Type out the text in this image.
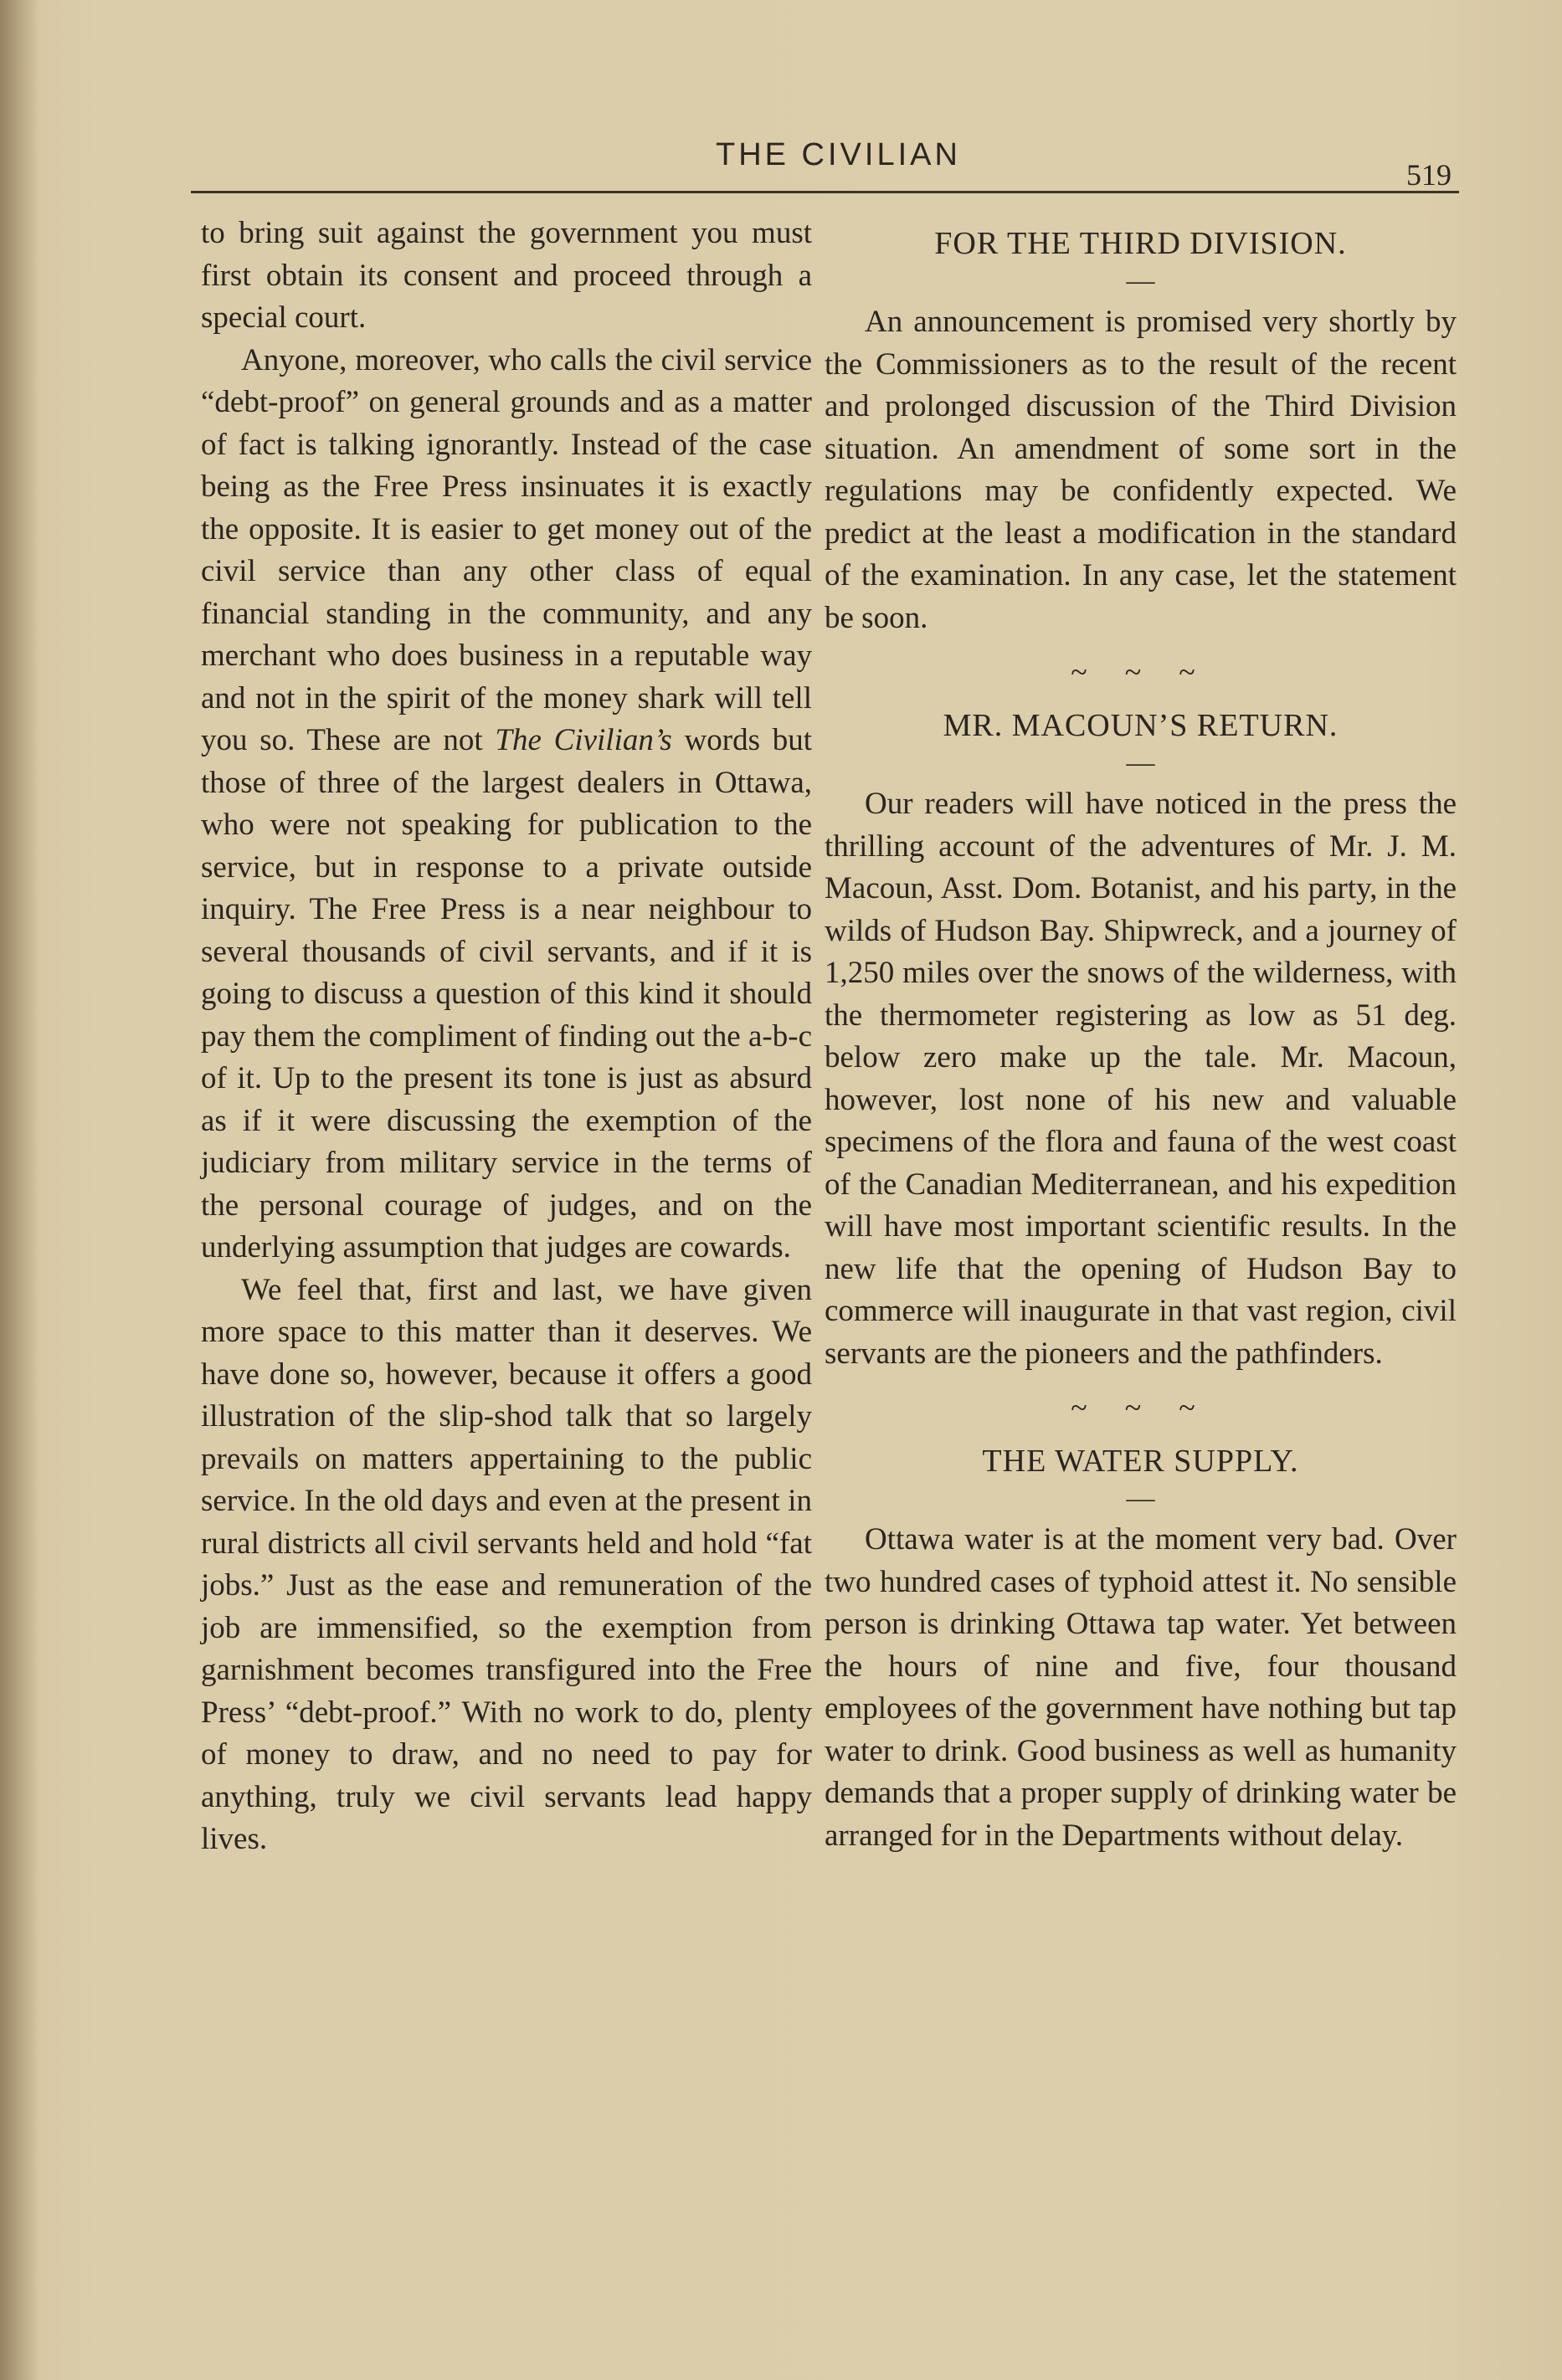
THE CIVILIAN
519

to bring suit against the government you must first obtain its consent and proceed through a special court.

Anyone, moreover, who calls the civil service “debt-proof” on general grounds and as a matter of fact is talking ignorantly. Instead of the case being as the Free Press insinuates it is exactly the opposite. It is easier to get money out of the civil service than any other class of equal financial standing in the community, and any merchant who does business in a reputable way and not in the spirit of the money shark will tell you so. These are not The Civilian’s words but those of three of the largest dealers in Ottawa, who were not speaking for publication to the service, but in response to a private outside inquiry. The Free Press is a near neighbour to several thousands of civil servants, and if it is going to discuss a question of this kind it should pay them the compliment of finding out the a-b-c of it. Up to the present its tone is just as absurd as if it were discussing the exemption of the judiciary from military service in the terms of the personal courage of judges, and on the underlying assumption that judges are cowards.

We feel that, first and last, we have given more space to this matter than it deserves. We have done so, however, because it offers a good illustration of the slip-shod talk that so largely prevails on matters appertaining to the public service. In the old days and even at the present in rural districts all civil servants held and hold “fat jobs.” Just as the ease and remuneration of the job are immensified, so the exemption from garnishment becomes transfigured into the Free Press’ “debt-proof.” With no work to do, plenty of money to draw, and no need to pay for anything, truly we civil servants lead happy lives.

FOR THE THIRD DIVISION.

—

An announcement is promised very shortly by the Commissioners as to the result of the recent and prolonged discussion of the Third Division situation. An amendment of some sort in the regulations may be confidently expected. We predict at the least a modification in the standard of the examination. In any case, let the statement be soon.

~ ~ ~

MR. MACOUN’S RETURN.

—

Our readers will have noticed in the press the thrilling account of the adventures of Mr. J. M. Macoun, Asst. Dom. Botanist, and his party, in the wilds of Hudson Bay. Shipwreck, and a journey of 1,250 miles over the snows of the wilderness, with the thermometer registering as low as 51 deg. below zero make up the tale. Mr. Macoun, however, lost none of his new and valuable specimens of the flora and fauna of the west coast of the Canadian Mediterranean, and his expedition will have most important scientific results. In the new life that the opening of Hudson Bay to commerce will inaugurate in that vast region, civil servants are the pioneers and the pathfinders.

~ ~ ~

THE WATER SUPPLY.

—

Ottawa water is at the moment very bad. Over two hundred cases of typhoid attest it. No sensible person is drinking Ottawa tap water. Yet between the hours of nine and five, four thousand employees of the government have nothing but tap water to drink. Good business as well as humanity demands that a proper supply of drinking water be arranged for in the Departments without delay.
